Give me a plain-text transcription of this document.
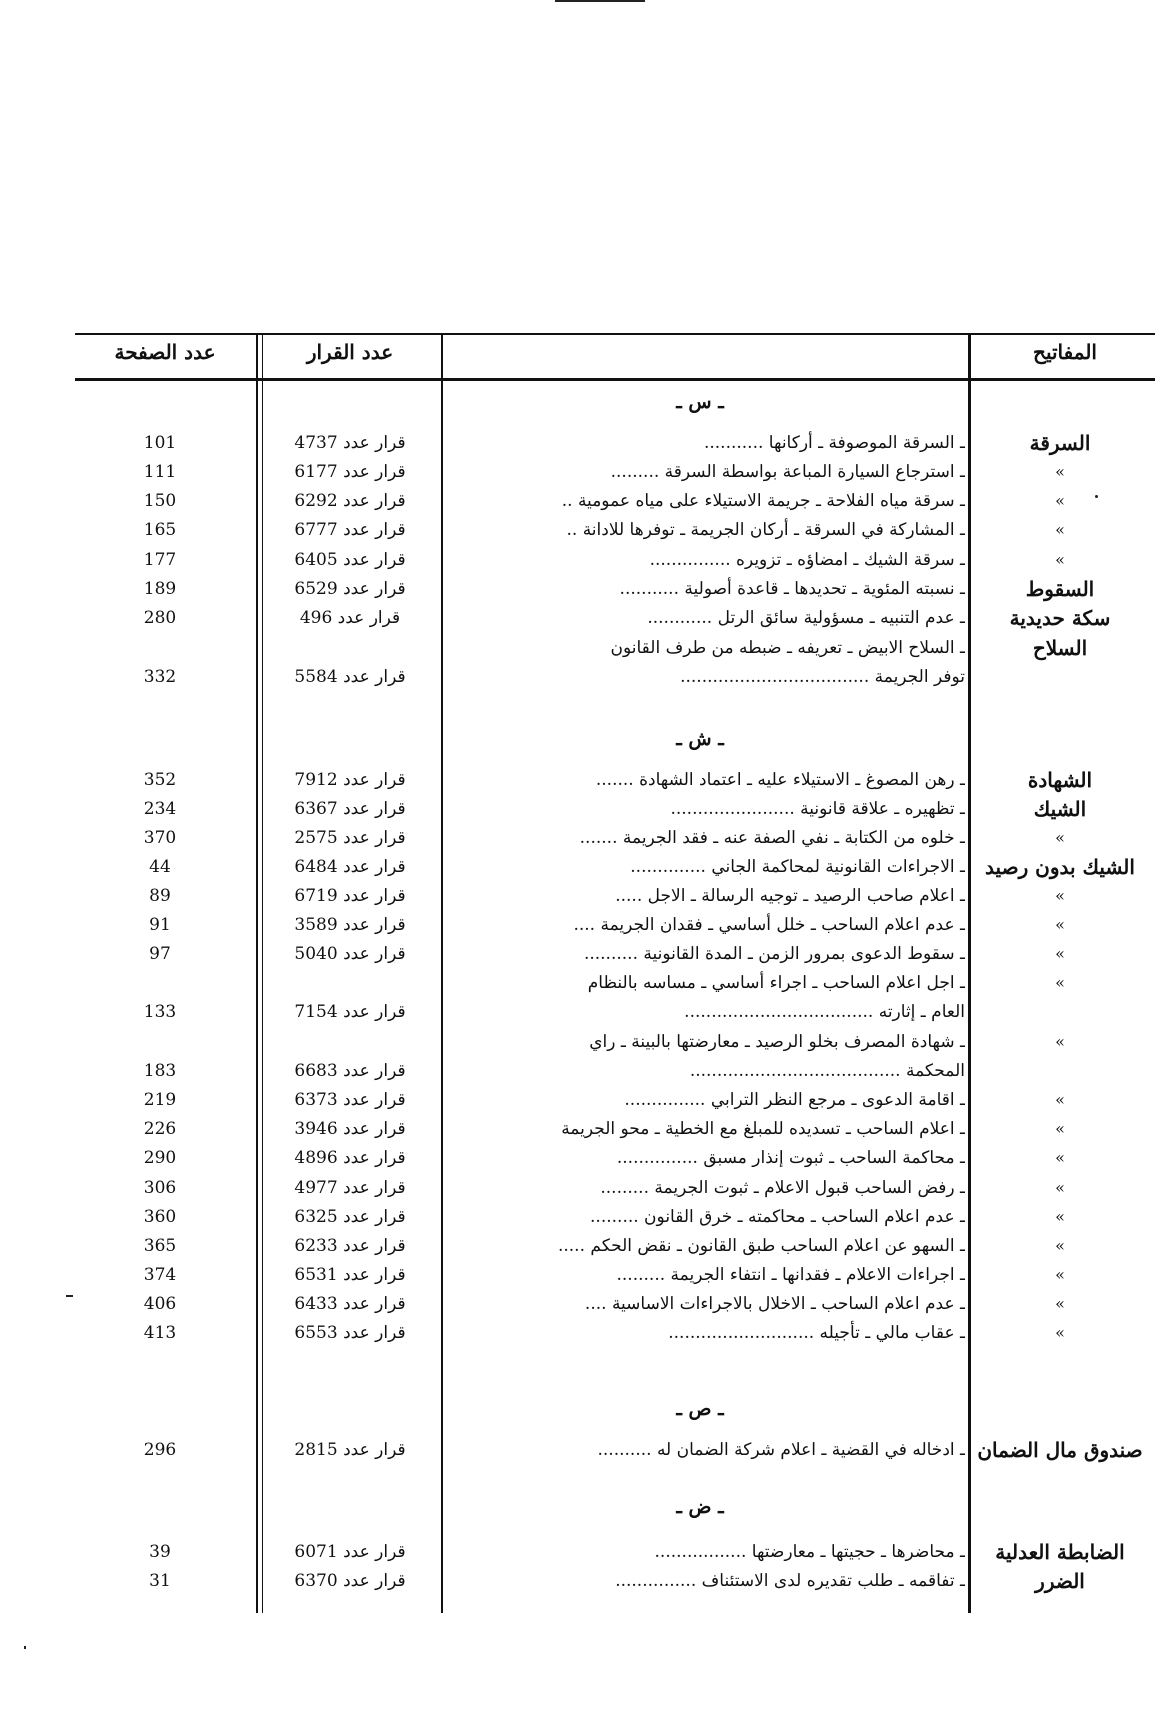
المفاتيح
عدد القرار
عدد الصفحة
ـ س ـ
ـ ش ـ
ـ ص ـ
ـ ض ـ
السرقة
ـ السرقة الموصوفة ـ أركانها ...........
قرار عدد 4737
101
»
ـ استرجاع السيارة المباعة بواسطة السرقة .........
قرار عدد 6177
111
»
ـ سرقة مياه الفلاحة ـ جريمة الاستيلاء على مياه عمومية ..
قرار عدد 6292
150
»
ـ المشاركة في السرقة ـ أركان الجريمة ـ توفرها للادانة ..
قرار عدد 6777
165
»
ـ سرقة الشيك ـ امضاؤه ـ تزويره ...............
قرار عدد 6405
177
السقوط
ـ نسبته المئوية ـ تحديدها ـ قاعدة أصولية ...........
قرار عدد 6529
189
سكة حديدية
ـ عدم التنبيه ـ مسؤولية سائق الرتل ............
قرار عدد 496
280
السلاح
ـ السلاح الابيض ـ تعريفه ـ ضبطه من طرف القانون
توفر الجريمة ...................................
قرار عدد 5584
332
الشهادة
ـ رهن المصوغ ـ الاستيلاء عليه ـ اعتماد الشهادة .......
قرار عدد 7912
352
الشيك
ـ تظهيره ـ علاقة قانونية .......................
قرار عدد 6367
234
»
ـ خلوه من الكتابة ـ نفي الصفة عنه ـ فقد الجريمة .......
قرار عدد 2575
370
الشيك بدون رصيد
ـ الاجراءات القانونية لمحاكمة الجاني ..............
قرار عدد 6484
44
»
ـ اعلام صاحب الرصيد ـ توجيه الرسالة ـ الاجل .....
قرار عدد 6719
89
»
ـ عدم اعلام الساحب ـ خلل أساسي ـ فقدان الجريمة ....
قرار عدد 3589
91
»
ـ سقوط الدعوى بمرور الزمن ـ المدة القانونية ..........
قرار عدد 5040
97
»
ـ اجل اعلام الساحب ـ اجراء أساسي ـ مساسه بالنظام
العام ـ إثارته ...................................
قرار عدد 7154
133
»
ـ شهادة المصرف بخلو الرصيد ـ معارضتها بالبينة ـ راي
المحكمة .......................................
قرار عدد 6683
183
»
ـ اقامة الدعوى ـ مرجع النظر الترابي ...............
قرار عدد 6373
219
»
ـ اعلام الساحب ـ تسديده للمبلغ مع الخطية ـ محو الجريمة
قرار عدد 3946
226
»
ـ محاكمة الساحب ـ ثبوت إنذار مسبق ...............
قرار عدد 4896
290
»
ـ رفض الساحب قبول الاعلام ـ ثبوت الجريمة .........
قرار عدد 4977
306
»
ـ عدم اعلام الساحب ـ محاكمته ـ خرق القانون .........
قرار عدد 6325
360
»
ـ السهو عن اعلام الساحب طبق القانون ـ نقض الحكم .....
قرار عدد 6233
365
»
ـ اجراءات الاعلام ـ فقدانها ـ انتفاء الجريمة .........
قرار عدد 6531
374
»
ـ عدم اعلام الساحب ـ الاخلال بالاجراءات الاساسية ....
قرار عدد 6433
406
»
ـ عقاب مالي ـ تأجيله ...........................
قرار عدد 6553
413
صندوق مال الضمان
ـ ادخاله في القضية ـ اعلام شركة الضمان له ..........
قرار عدد 2815
296
الضابطة العدلية
ـ محاضرها ـ حجيتها ـ معارضتها .................
قرار عدد 6071
39
الضرر
ـ تفاقمه ـ طلب تقديره لدى الاستئناف ...............
قرار عدد 6370
31
